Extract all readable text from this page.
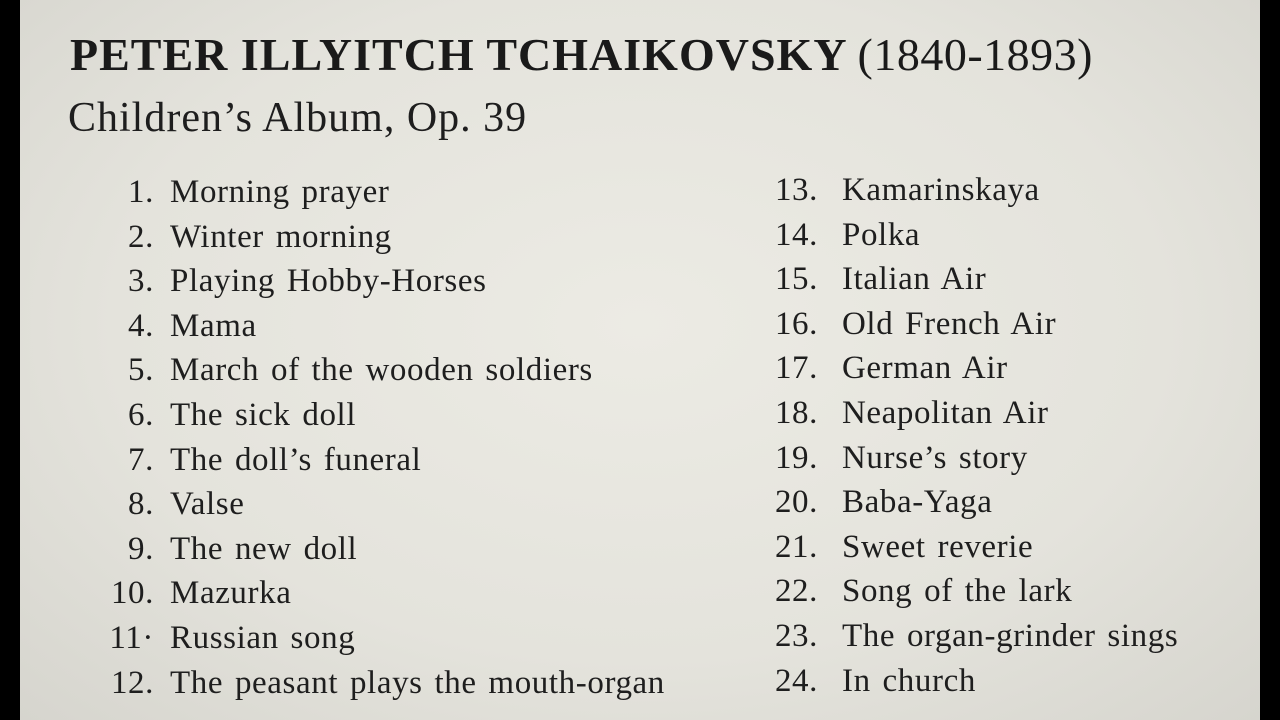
PETER ILLYITCH TCHAIKOVSKY (1840-1893)
Children’s Album, Op. 39
1. Morning prayer
2. Winter morning
3. Playing Hobby-Horses
4. Mama
5. March of the wooden soldiers
6. The sick doll
7. The doll’s funeral
8. Valse
9. The new doll
10. Mazurka
11· Russian song
12. The peasant plays the mouth-organ
13. Kamarinskaya
14. Polka
15. Italian Air
16. Old French Air
17. German Air
18. Neapolitan Air
19. Nurse’s story
20. Baba-Yaga
21. Sweet reverie
22. Song of the lark
23. The organ-grinder sings
24. In church
